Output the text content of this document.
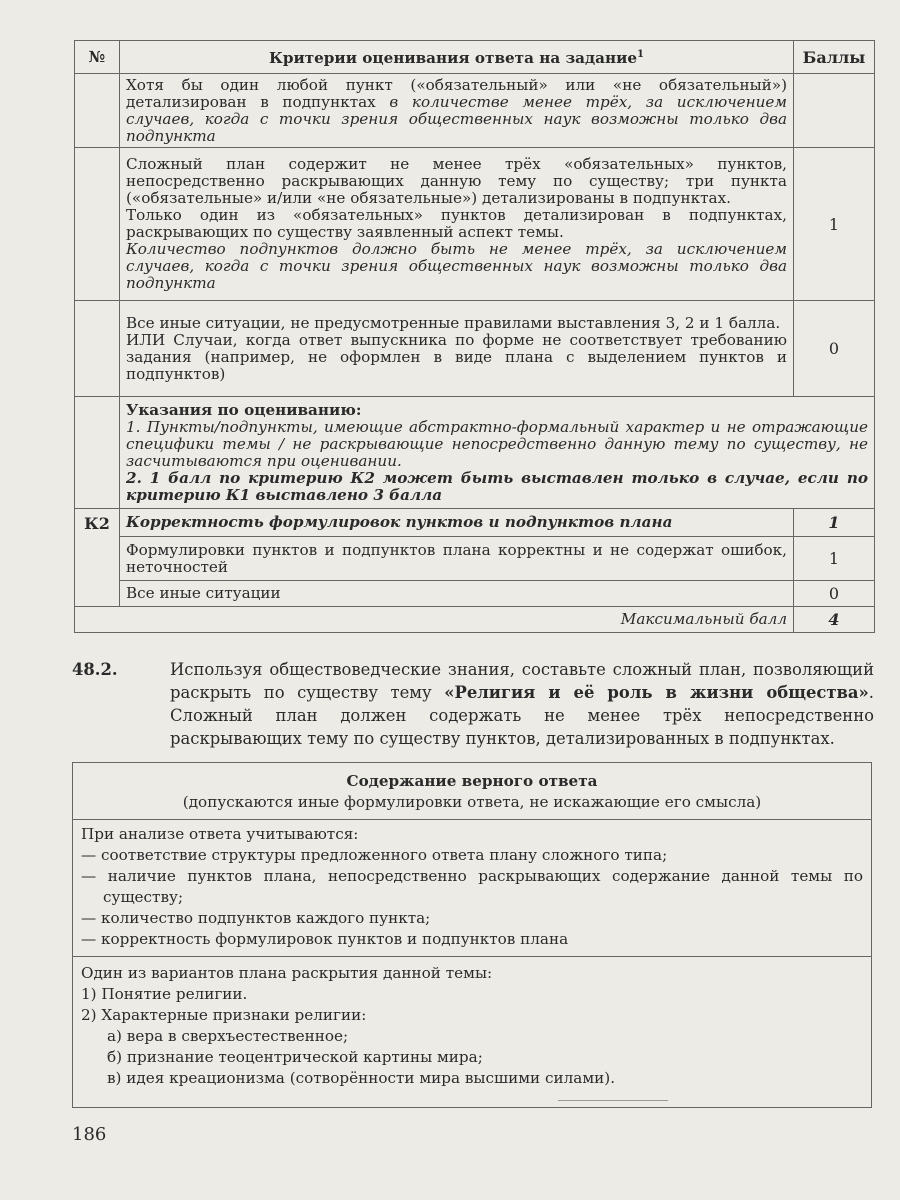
№	Критерии оценивания ответа на задание$^1$	Баллы
	Хотя бы один любой пункт («обязательный» или «не обязательный») детализирован в подпунктах в количестве менее трёх, за исключением случаев, когда с точки зрения общественных наук возможны только два подпункта	

	Сложный план содержит не менее трёх «обязательных» пунктов, непосредственно раскрывающих данную тему по существу; три пункта («обязательные» и/или «не обязательные») детализированы в подпунктах.
Только один из «обязательных» пунктов детализирован в подпунктах, раскрывающих по существу заявленный аспект темы.
Количество подпунктов должно быть не менее трёх, за исключением случаев, когда с точки зрения общественных наук возможны только два подпункта	1

	Все иные ситуации, не предусмотренные правилами выставления 3, 2 и 1 балла.
ИЛИ Случаи, когда ответ выпускника по форме не соответствует требованию задания (например, не оформлен в виде плана с выделением пунктов и подпунктов)	0

	Указания по оцениванию:
1. Пункты/подпункты, имеющие абстрактно-формальный характер и не отражающие специфики темы / не раскрывающие непосредственно данную тему по существу, не засчитываются при оценивании.
2. 1 балл по критерию К2 может быть выставлен только в случае, если по критерию К1 выставлено 3 балла	

К2	Корректность формулировок пунктов и подпунктов плана	1
	Формулировки пунктов и подпунктов плана корректны и не содержат ошибок, неточностей	1
	Все иные ситуации	0
Максимальный балл		4
48.2.	Используя обществоведческие знания, составьте сложный план, позволяющий раскрыть по существу тему «Религия и её роль в жизни общества». Сложный план должен содержать не менее трёх непосредственно раскрывающих тему по существу пунктов, детализированных в подпунктах.
Содержание верного ответа
(допускаются иные формулировки ответа, не искажающие его смысла)
При анализе ответа учитываются:
— соответствие структуры предложенного ответа плану сложного типа;
— наличие пунктов плана, непосредственно раскрывающих содержание данной темы по существу;
— количество подпунктов каждого пункта;
— корректность формулировок пунктов и подпунктов плана
Один из вариантов плана раскрытия данной темы:
1) Понятие религии.
2) Характерные признаки религии:
а) вера в сверхъестественное;
б) признание теоцентрической картины мира;
в) идея креационизма (сотворённости мира высшими силами).
186
